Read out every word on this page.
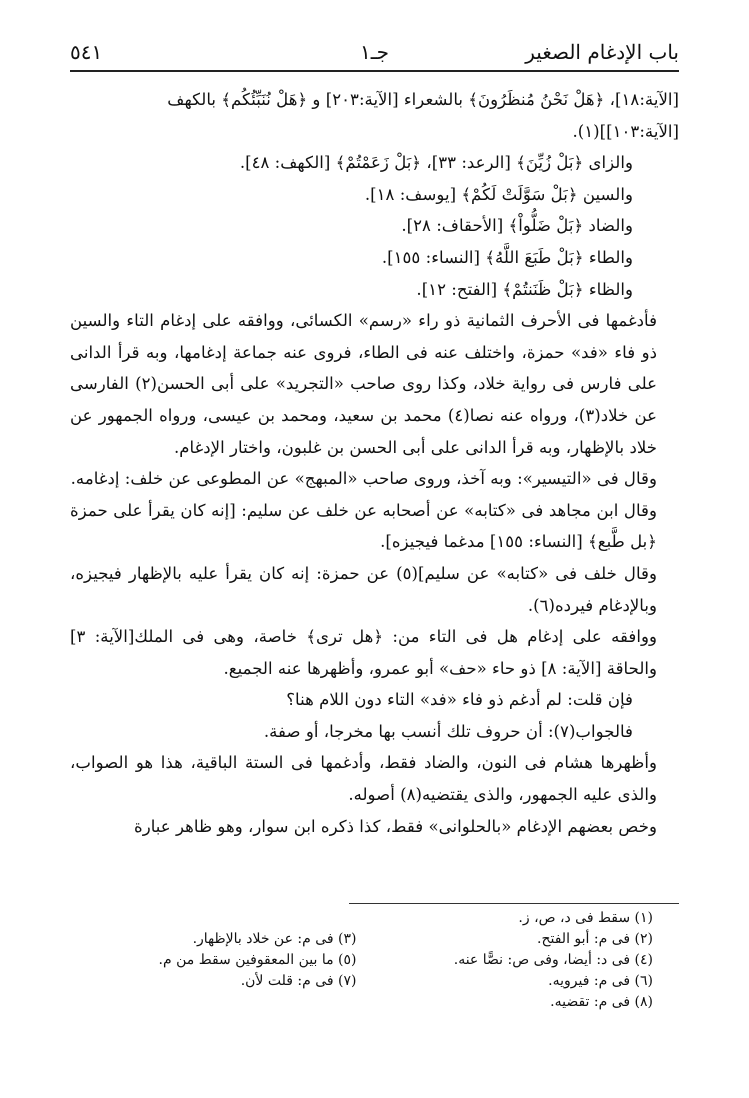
باب الإدغام الصغير
جـ١
٥٤١

[الآية:١٨]، ﴿هَلْ نَحْنُ مُنظَرُونَ﴾ بالشعراء [الآية:٢٠٣] و ﴿هَلْ نُنَبِّئُكُم﴾ بالكهف

[الآية:١٠٣]](١).

والزاى ﴿بَلْ زُيِّنَ﴾ [الرعد: ٣٣]، ﴿بَلْ زَعَمْتُمْ﴾ [الكهف: ٤٨].

والسين ﴿بَلْ سَوَّلَتْ لَكُمْ﴾ [يوسف: ١٨].

والضاد ﴿بَلْ ضَلُّواْ﴾ [الأحقاف: ٢٨].

والطاء ﴿بَلْ طَبَعَ اللَّهُ﴾ [النساء: ١٥٥].

والظاء ﴿بَلْ ظَنَنتُمْ﴾ [الفتح: ١٢].

فأدغمها فى الأحرف الثمانية ذو راء «رسم» الكسائى، ووافقه على إدغام التاء والسين ذو فاء «فد» حمزة، واختلف عنه فى الطاء، فروى عنه جماعة إدغامها، وبه قرأ الدانى على فارس فى رواية خلاد، وكذا روى صاحب «التجريد» على أبى الحسن(٢) الفارسى عن خلاد(٣)، ورواه عنه نصا(٤) محمد بن سعيد، ومحمد بن عيسى، ورواه الجمهور عن خلاد بالإظهار، وبه قرأ الدانى على أبى الحسن بن غلبون، واختار الإدغام.

وقال فى «التيسير»: وبه آخذ، وروى صاحب «المبهج» عن المطوعى عن خلف: إدغامه.

وقال ابن مجاهد فى «كتابه» عن أصحابه عن خلف عن سليم: [إنه كان يقرأ على حمزة ﴿بل طَّبع﴾ [النساء: ١٥٥] مدغما فيجيزه].

وقال خلف فى «كتابه» عن سليم](٥) عن حمزة: إنه كان يقرأ عليه بالإظهار فيجيزه، وبالإدغام فيرده(٦).

ووافقه على إدغام هل فى التاء من: ﴿هل ترى﴾ خاصة، وهى فى الملك[الآية: ٣] والحاقة [الآية: ٨] ذو حاء «حف» أبو عمرو، وأظهرها عنه الجميع.

فإن قلت: لم أدغم ذو فاء «فد» التاء دون اللام هنا؟

فالجواب(٧): أن حروف تلك أنسب بها مخرجا، أو صفة.

وأظهرها هشام فى النون، والضاد فقط، وأدغمها فى الستة الباقية، هذا هو الصواب، والذى عليه الجمهور، والذى يقتضيه(٨) أصوله.

وخص بعضهم الإدغام «بالحلوانى» فقط، كذا ذكره ابن سوار، وهو ظاهر عبارة

(١) سقط فى د، ص، ز.
(٢) فى م: أبو الفتح.
(٤) فى د: أيضا، وفى ص: نصًّا عنه.
(٦) فى م: فيرويه.
(٨) فى م: تقضيه.
(٣) فى م: عن خلاد بالإظهار.
(٥) ما بين المعقوفين سقط من م.
(٧) فى م: قلت لأن.
